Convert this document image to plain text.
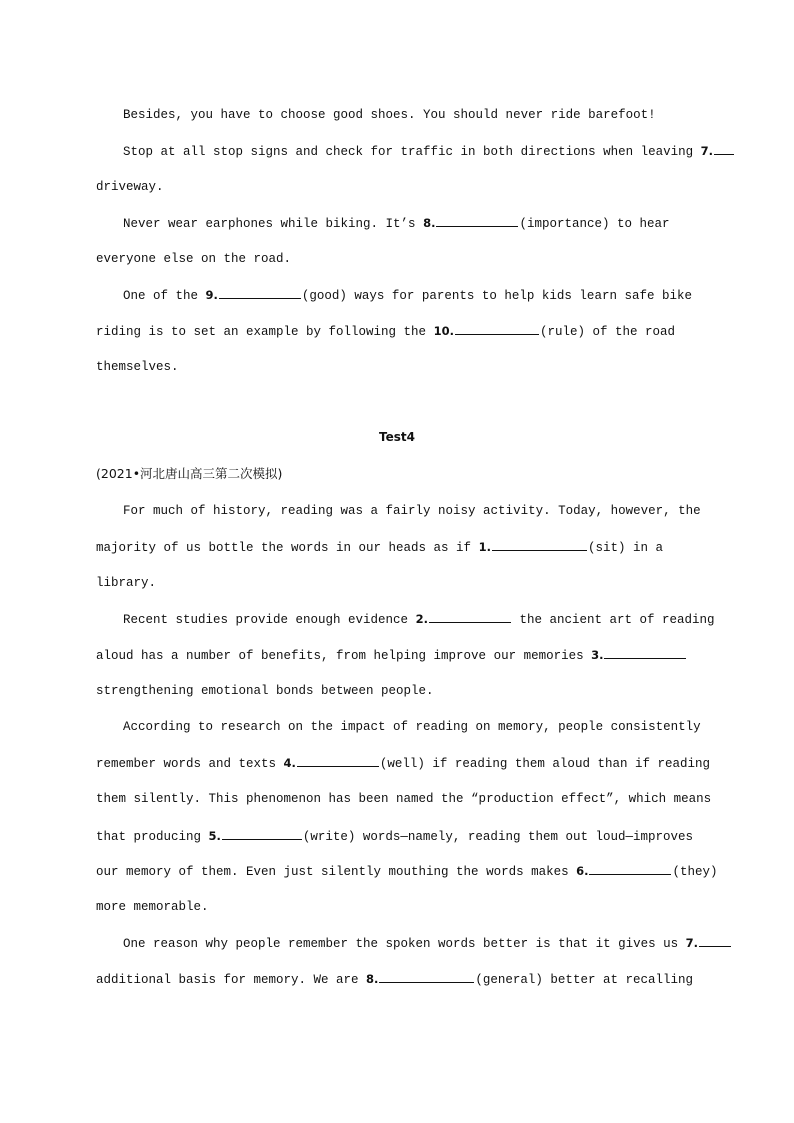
Besides, you have to choose good shoes. You should never ride barefoot!
Stop at all stop signs and check for traffic in both directions when leaving 7.
driveway.
Never wear earphones while biking. It’s 8.	(importance) to hear
everyone else on the road.
One of the 9.	(good) ways for parents to help kids learn safe bike
riding is to set an example by following the 10.	(rule) of the road
themselves.
Test4
(2021•河北唐山高三第二次模拟)
For much of history, reading was a fairly noisy activity. Today, however, the
majority of us bottle the words in our heads as if 1.	(sit) in a
library.
Recent studies provide enough evidence 2.	the ancient art of reading
aloud has a number of benefits, from helping improve our memories 3.
strengthening emotional bonds between people.
According to research on the impact of reading on memory, people consistently
remember words and texts 4.	(well) if reading them aloud than if reading
them silently. This phenomenon has been named the “production effect”, which means
that producing 5.	(write) words—namely, reading them out loud—improves
our memory of them. Even just silently mouthing the words makes 6.	(they)
more memorable.
One reason why people remember the spoken words better is that it gives us 7.
additional basis for memory. We are 8.	(general) better at recalling
